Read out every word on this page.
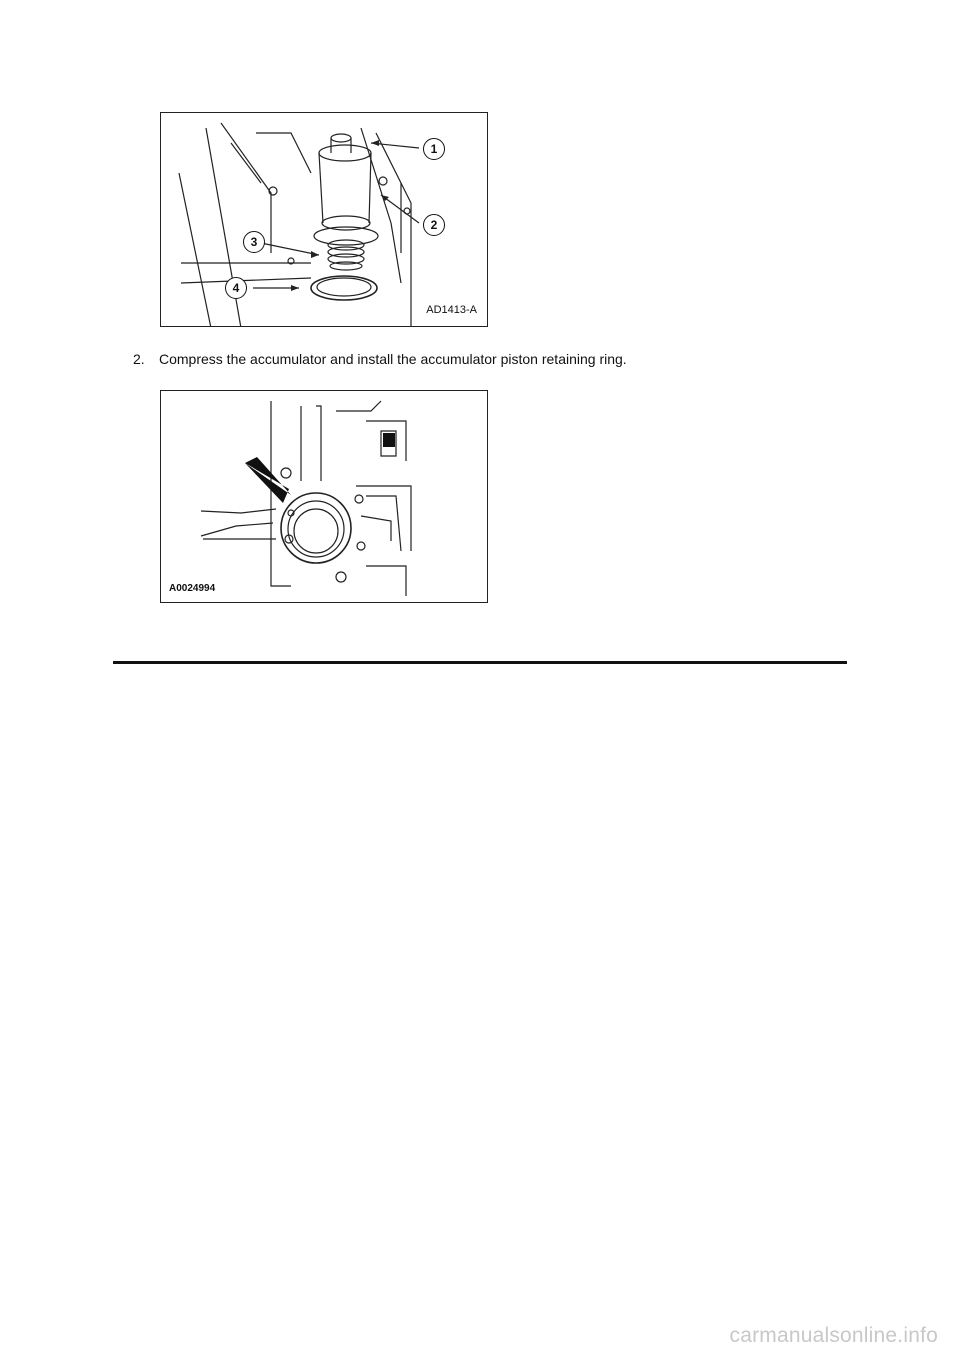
1
2
3
4
AD1413-A
2. Compress the accumulator and install the accumulator piston retaining ring.
A0024994
carmanualsonline.info
